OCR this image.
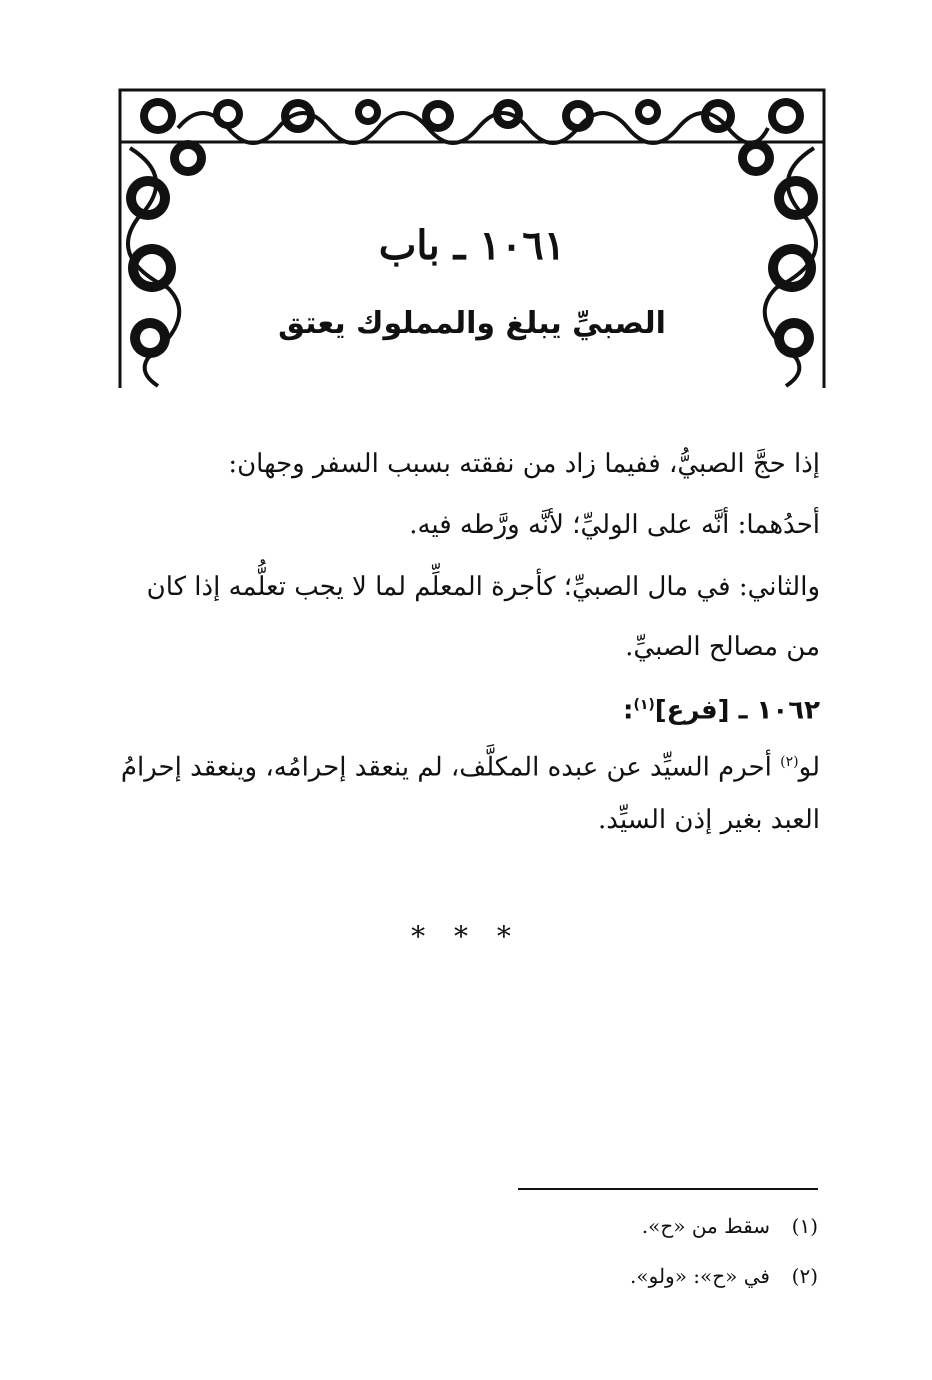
١٠٦١ ـ باب
الصبيِّ يبلغ والمملوك يعتق
إذا حجَّ الصبيُّ، ففيما زاد من نفقته بسبب السفر وجهان:
أحدُهما: أنَّه على الوليِّ؛ لأنَّه ورَّطه فيه.
والثاني: في مال الصبيِّ؛ كأجرة المعلِّم لما لا يجب تعلُّمه إذا كان
من مصالح الصبيِّ.
١٠٦٢ ـ [فرع]$^{(١)}$:
لو$^{(٢)}$ أحرم السيِّد عن عبده المكلَّف، لم ينعقد إحرامُه، وينعقد إحرامُ
العبد بغير إذن السيِّد.
* * *
(١)سقط من «ح».
(٢)في «ح»: «ولو».
